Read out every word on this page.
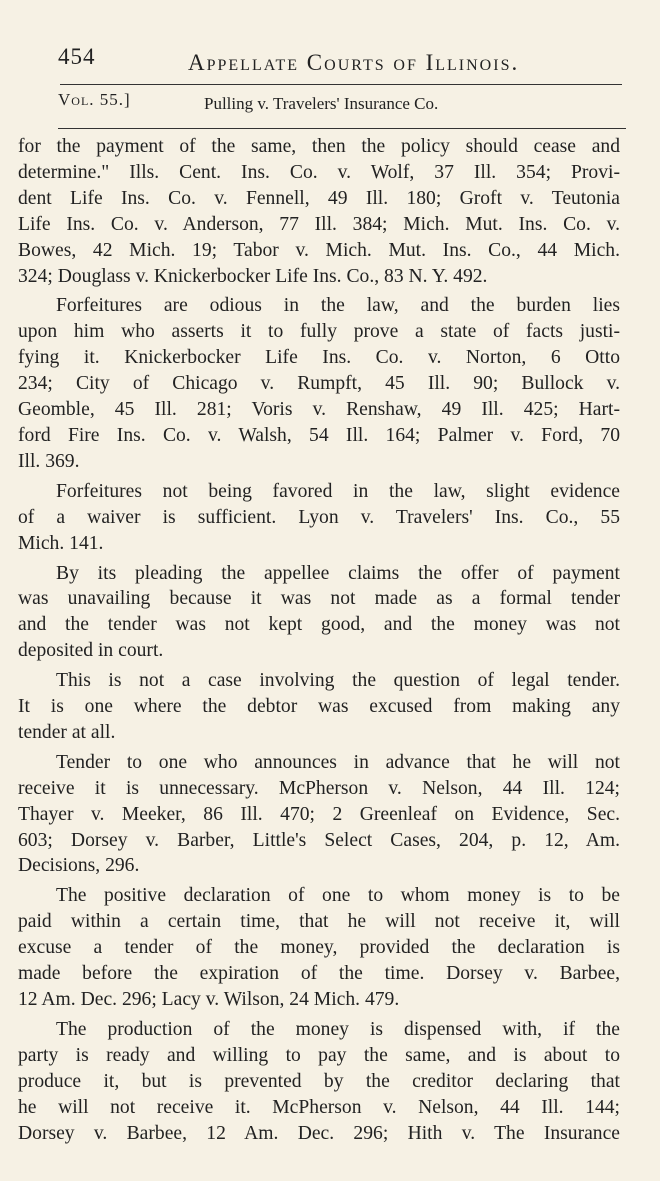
454	Appellate Courts of Illinois.
Vol. 55.]	Pulling v. Travelers' Insurance Co.
for the payment of the same, then the policy should cease and
determine." Ills. Cent. Ins. Co. v. Wolf, 37 Ill. 354; Provi-
dent Life Ins. Co. v. Fennell, 49 Ill. 180; Groft v. Teutonia
Life Ins. Co. v. Anderson, 77 Ill. 384; Mich. Mut. Ins. Co. v.
Bowes, 42 Mich. 19; Tabor v. Mich. Mut. Ins. Co., 44 Mich.
324; Douglass v. Knickerbocker Life Ins. Co., 83 N. Y. 492.
Forfeitures are odious in the law, and the burden lies
upon him who asserts it to fully prove a state of facts justi-
fying it. Knickerbocker Life Ins. Co. v. Norton, 6 Otto
234; City of Chicago v. Rumpft, 45 Ill. 90; Bullock v.
Geomble, 45 Ill. 281; Voris v. Renshaw, 49 Ill. 425; Hart-
ford Fire Ins. Co. v. Walsh, 54 Ill. 164; Palmer v. Ford, 70
Ill. 369.
Forfeitures not being favored in the law, slight evidence
of a waiver is sufficient. Lyon v. Travelers' Ins. Co., 55
Mich. 141.
By its pleading the appellee claims the offer of payment
was unavailing because it was not made as a formal tender
and the tender was not kept good, and the money was not
deposited in court.
This is not a case involving the question of legal tender.
It is one where the debtor was excused from making any
tender at all.
Tender to one who announces in advance that he will not
receive it is unnecessary. McPherson v. Nelson, 44 Ill. 124;
Thayer v. Meeker, 86 Ill. 470; 2 Greenleaf on Evidence, Sec.
603; Dorsey v. Barber, Little's Select Cases, 204, p. 12, Am.
Decisions, 296.
The positive declaration of one to whom money is to be
paid within a certain time, that he will not receive it, will
excuse a tender of the money, provided the declaration is
made before the expiration of the time. Dorsey v. Barbee,
12 Am. Dec. 296; Lacy v. Wilson, 24 Mich. 479.
The production of the money is dispensed with, if the
party is ready and willing to pay the same, and is about to
produce it, but is prevented by the creditor declaring that
he will not receive it. McPherson v. Nelson, 44 Ill. 144;
Dorsey v. Barbee, 12 Am. Dec. 296; Hith v. The Insurance
